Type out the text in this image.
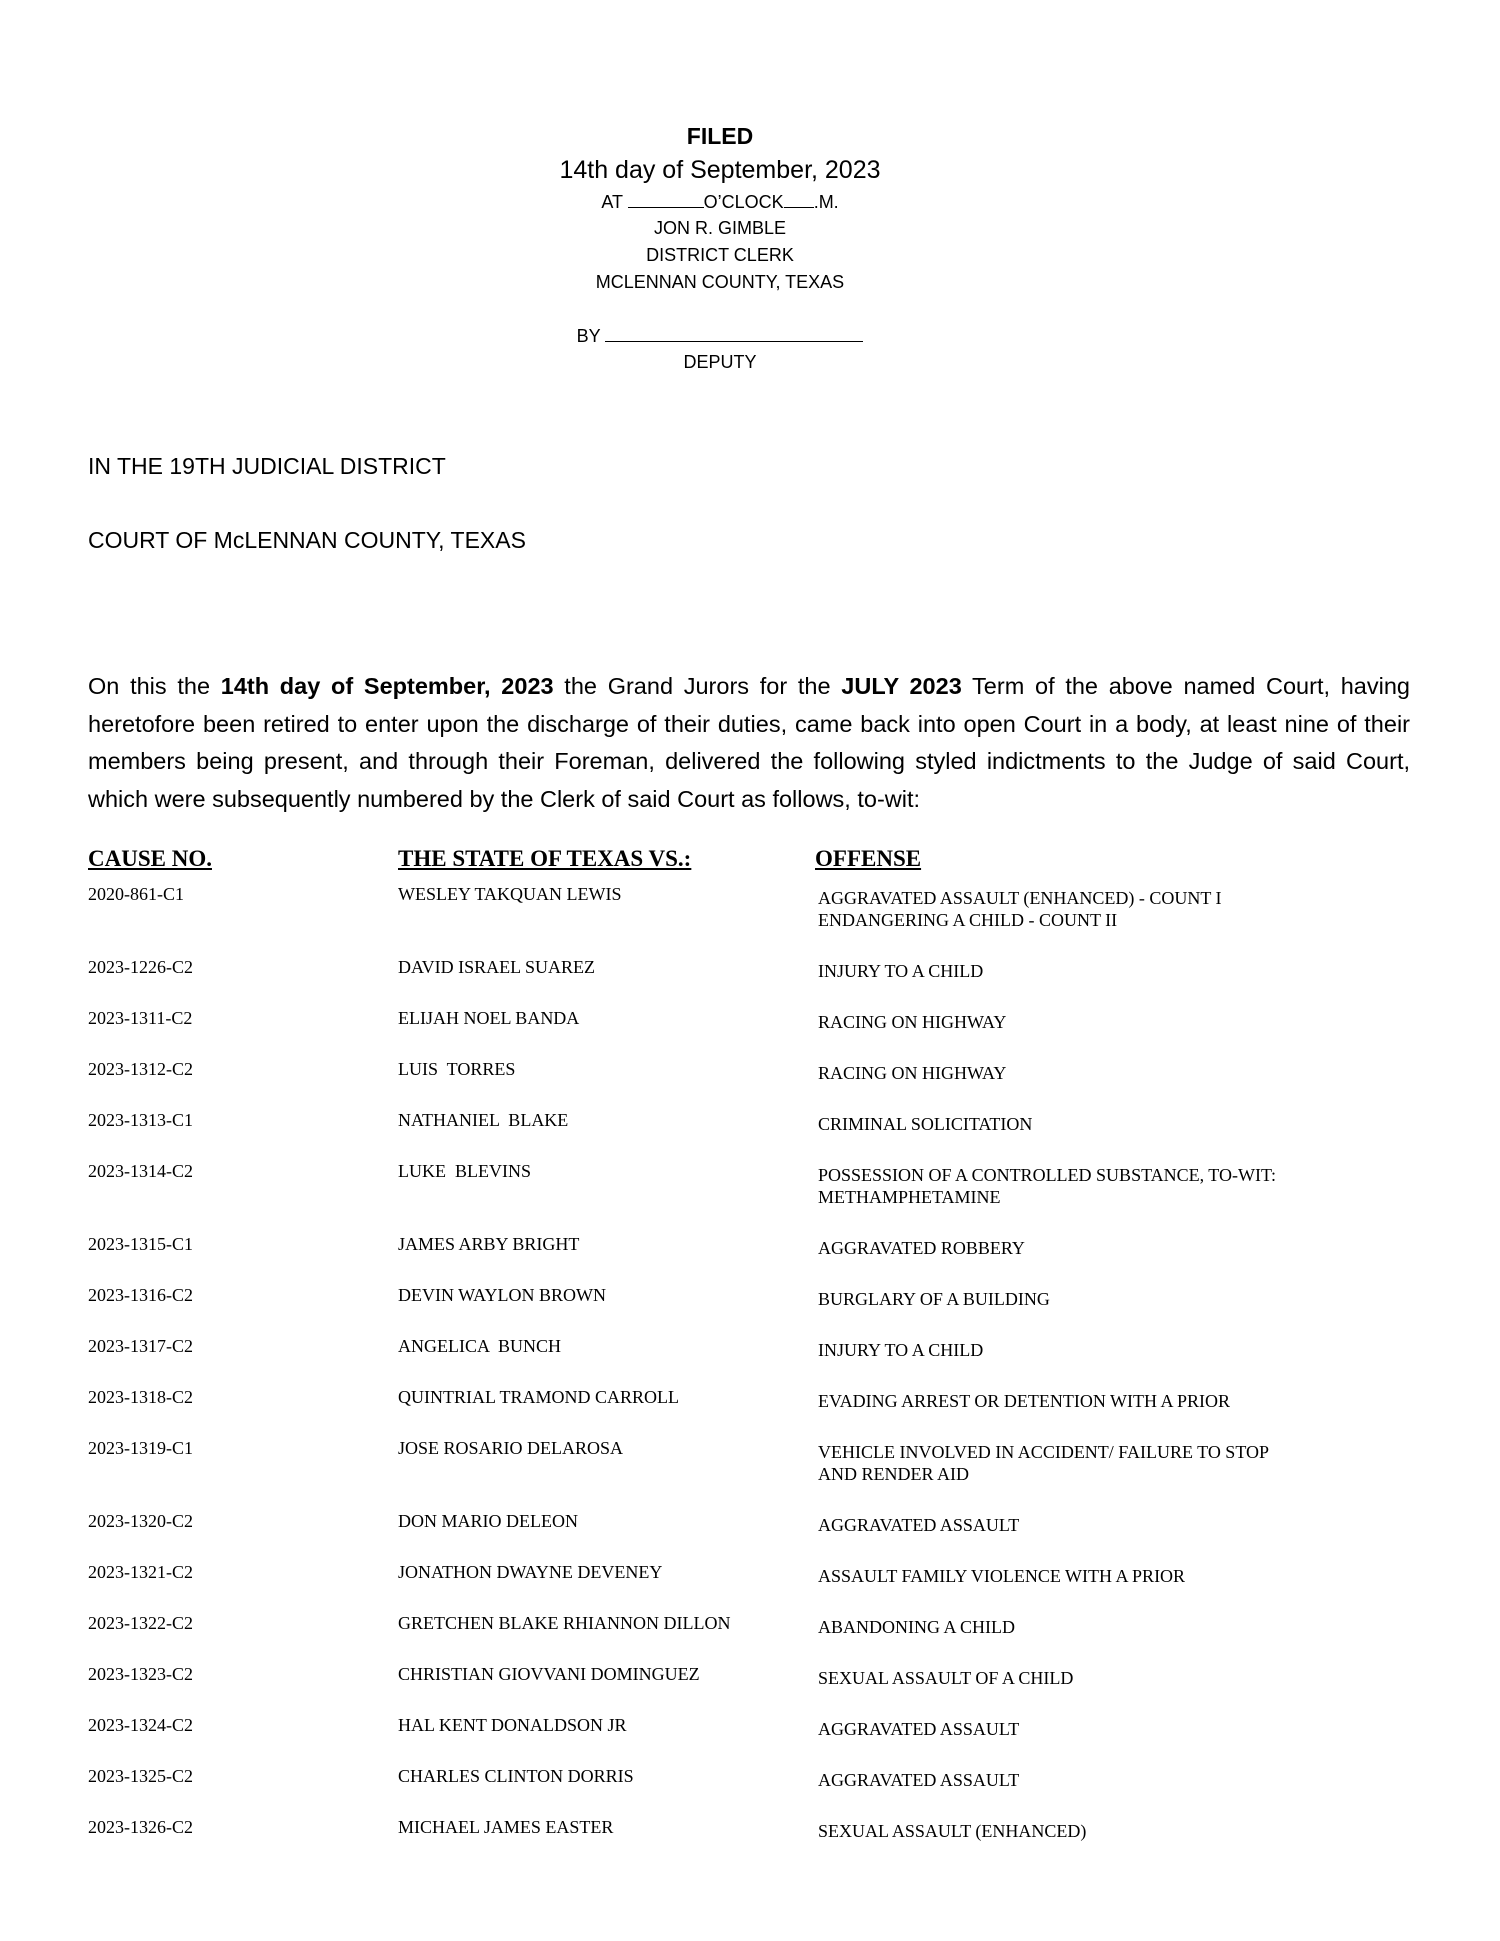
FILED
14th day of September, 2023
AT	O’CLOCK .M.
JON R. GIMBLE
DISTRICT CLERK
MCLENNAN COUNTY, TEXAS
BY
DEPUTY
IN THE 19TH JUDICIAL DISTRICT
COURT OF McLENNAN COUNTY, TEXAS

On this the 14th day of September, 2023 the Grand Jurors for the JULY 2023 Term of the above named Court, having heretofore been retired to enter upon the discharge of their duties, came back into open Court in a body, at least nine of their members being present, and through their Foreman, delivered the following styled indictments to the Judge of said Court, which were subsequently numbered by the Clerk of said Court as follows, to-wit:

CAUSE NO.	THE STATE OF TEXAS VS.:	OFFENSE
2020-861-C1	WESLEY TAKQUAN LEWIS	AGGRAVATED ASSAULT (ENHANCED) - COUNT I
ENDANGERING A CHILD - COUNT II
2023-1226-C2	DAVID ISRAEL SUAREZ	INJURY TO A CHILD
2023-1311-C2	ELIJAH NOEL BANDA	RACING ON HIGHWAY
2023-1312-C2	LUIS  TORRES	RACING ON HIGHWAY
2023-1313-C1	NATHANIEL  BLAKE	CRIMINAL SOLICITATION
2023-1314-C2	LUKE  BLEVINS	POSSESSION OF A CONTROLLED SUBSTANCE, TO-WIT:
METHAMPHETAMINE
2023-1315-C1	JAMES ARBY BRIGHT	AGGRAVATED ROBBERY
2023-1316-C2	DEVIN WAYLON BROWN	BURGLARY OF A BUILDING
2023-1317-C2	ANGELICA  BUNCH	INJURY TO A CHILD
2023-1318-C2	QUINTRIAL TRAMOND CARROLL	EVADING ARREST OR DETENTION WITH A PRIOR
2023-1319-C1	JOSE ROSARIO DELAROSA	VEHICLE INVOLVED IN ACCIDENT/ FAILURE TO STOP
AND RENDER AID
2023-1320-C2	DON MARIO DELEON	AGGRAVATED ASSAULT
2023-1321-C2	JONATHON DWAYNE DEVENEY	ASSAULT FAMILY VIOLENCE WITH A PRIOR
2023-1322-C2	GRETCHEN BLAKE RHIANNON DILLON	ABANDONING A CHILD
2023-1323-C2	CHRISTIAN GIOVVANI DOMINGUEZ	SEXUAL ASSAULT OF A CHILD
2023-1324-C2	HAL KENT DONALDSON JR	AGGRAVATED ASSAULT
2023-1325-C2	CHARLES CLINTON DORRIS	AGGRAVATED ASSAULT
2023-1326-C2	MICHAEL JAMES EASTER	SEXUAL ASSAULT (ENHANCED)
